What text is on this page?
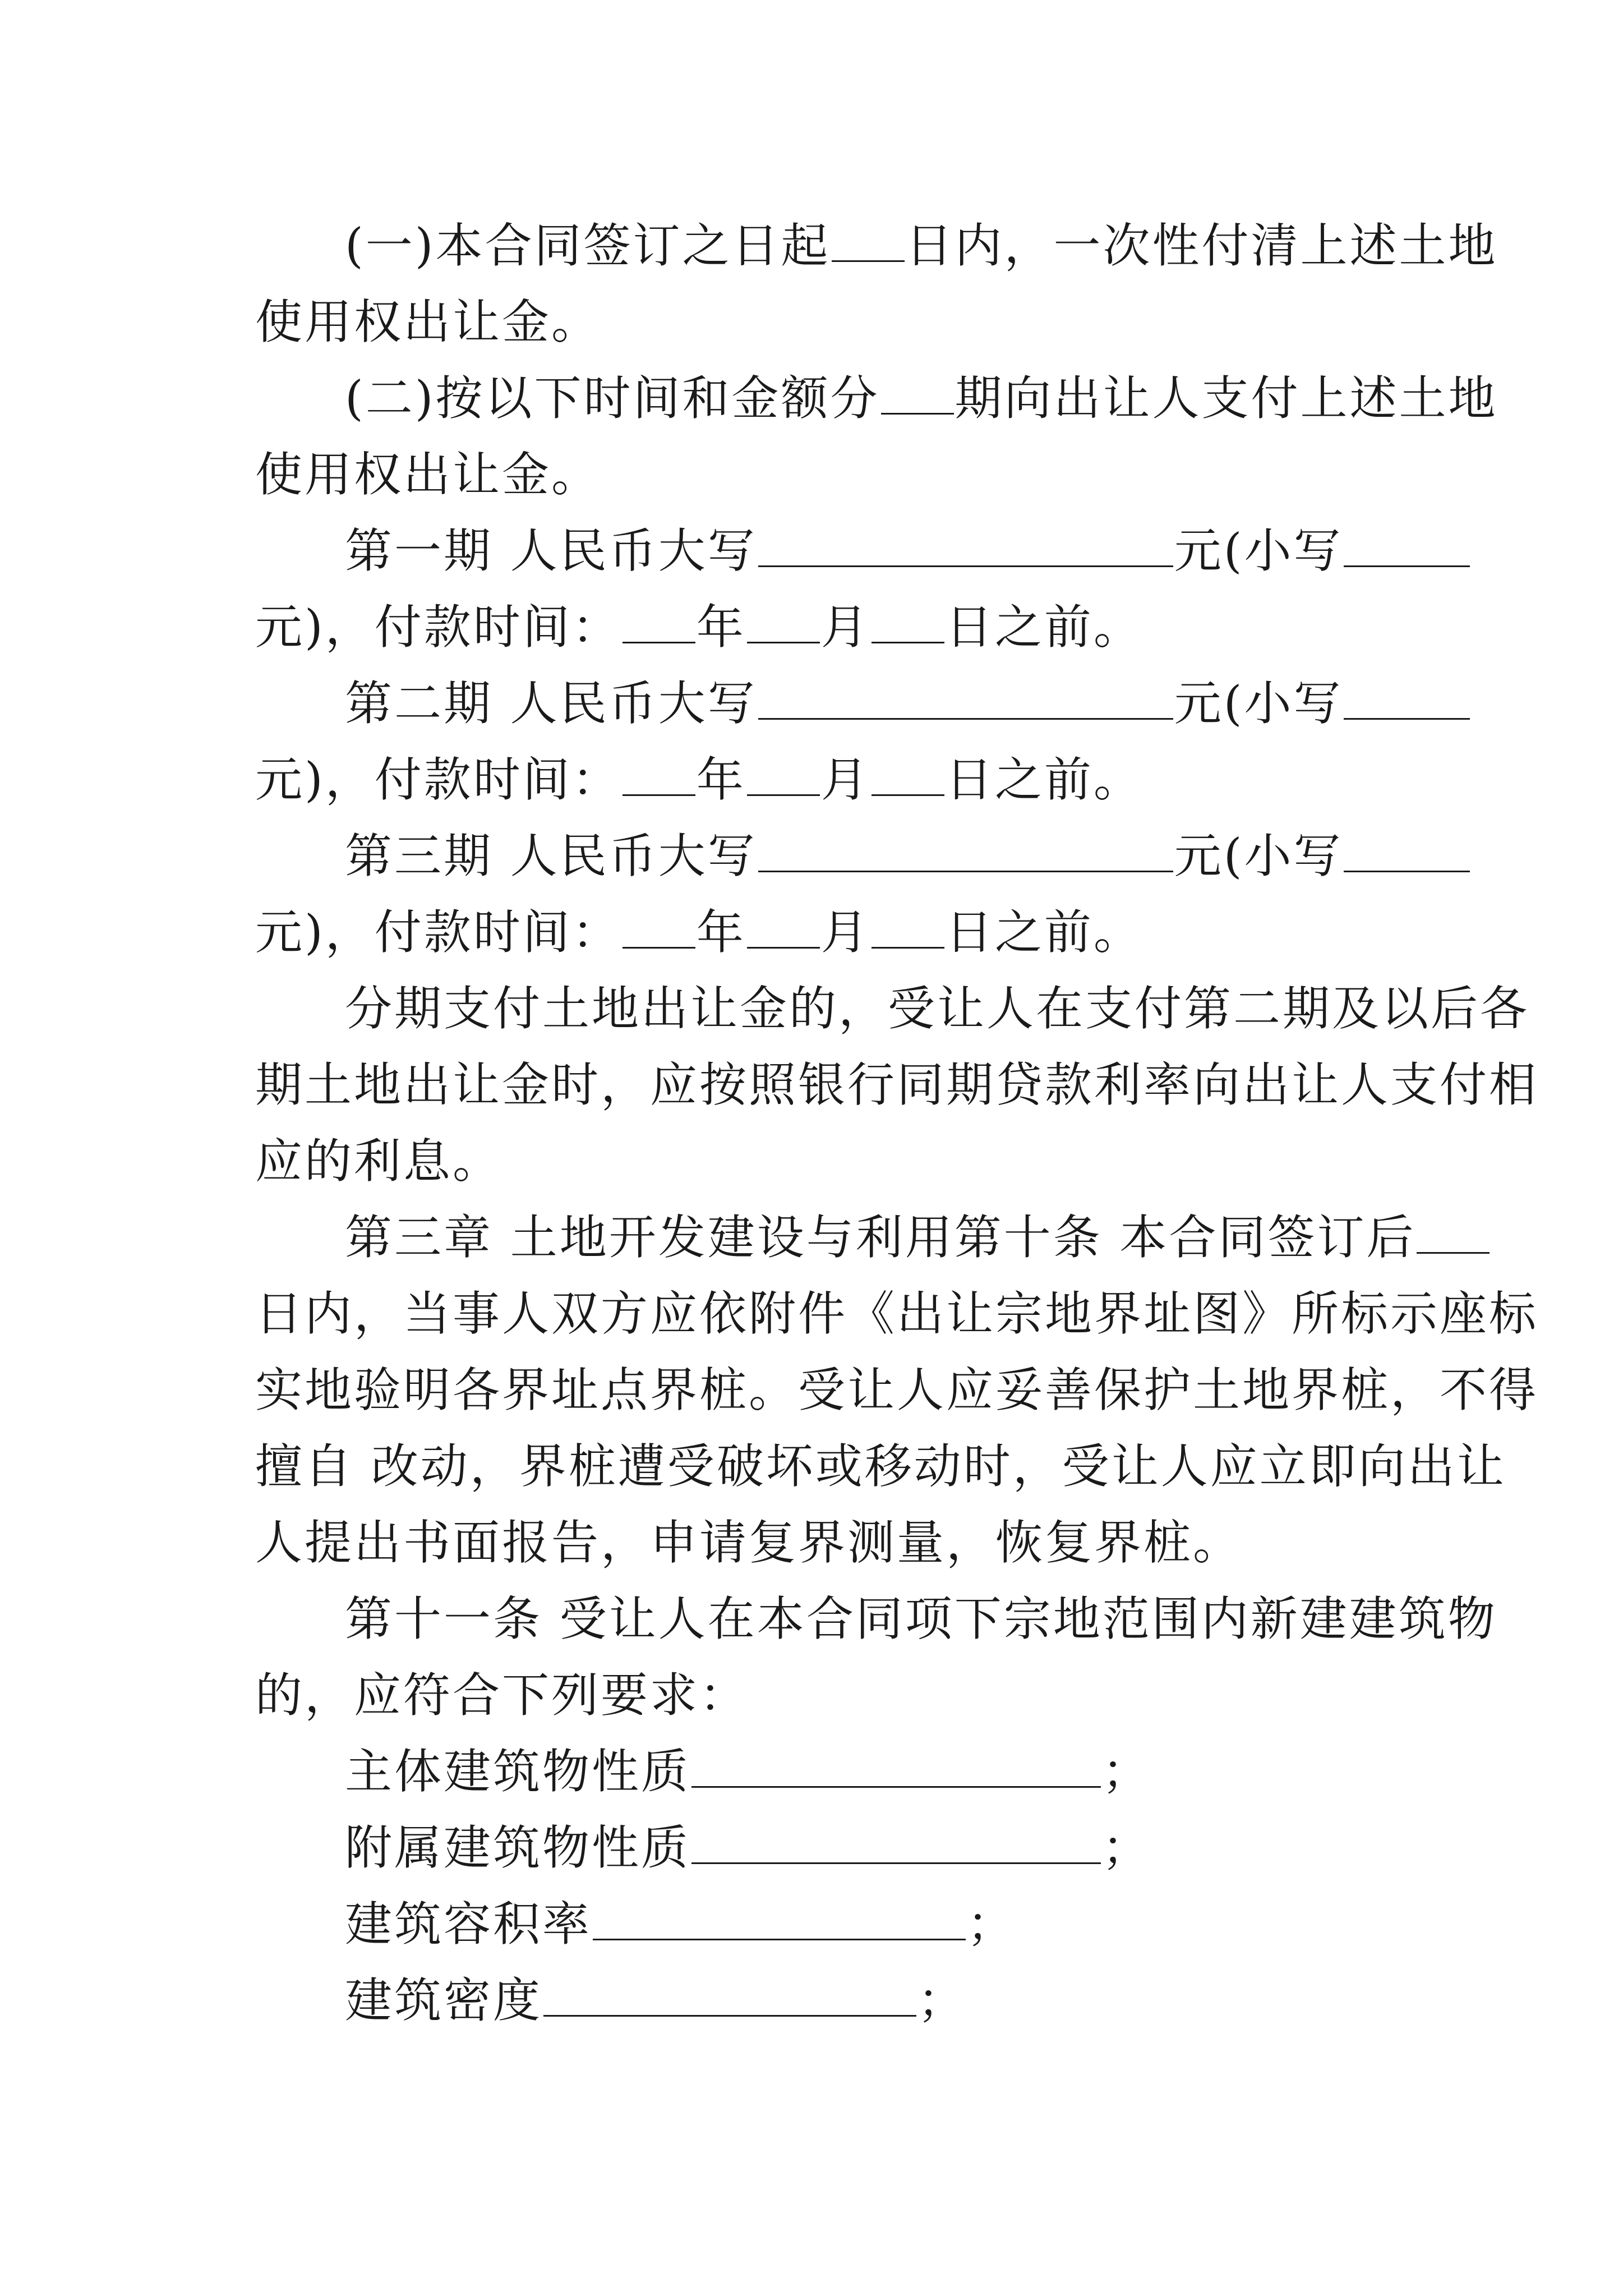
(一)本合同签订之日起 日内，一次性付清上述土地
使用权出让金。

(二)按以下时间和金额分 期向出让人支付上述土地
使用权出让金。

第一期 人民币大写	元(小写
元)，付款时间： 年 月 日之前。

第二期 人民币大写	元(小写
元)，付款时间： 年 月 日之前。

第三期 人民币大写	元(小写
元)，付款时间： 年 月 日之前。

分期支付土地出让金的，受让人在支付第二期及以后各
期土地出让金时，应按照银行同期贷款利率向出让人支付相
应的利息。

第三章 土地开发建设与利用第十条 本合同签订后
日内，当事人双方应依附件《出让宗地界址图》所标示座标
实地验明各界址点界桩。受让人应妥善保护土地界桩，不得
擅自 改动，界桩遭受破坏或移动时，受让人应立即向出让
人提出书面报告，申请复界测量，恢复界桩。

第十一条 受让人在本合同项下宗地范围内新建建筑物
的，应符合下列要求：

主体建筑物性质	；

附属建筑物性质	；

建筑容积率	；

建筑密度	；
